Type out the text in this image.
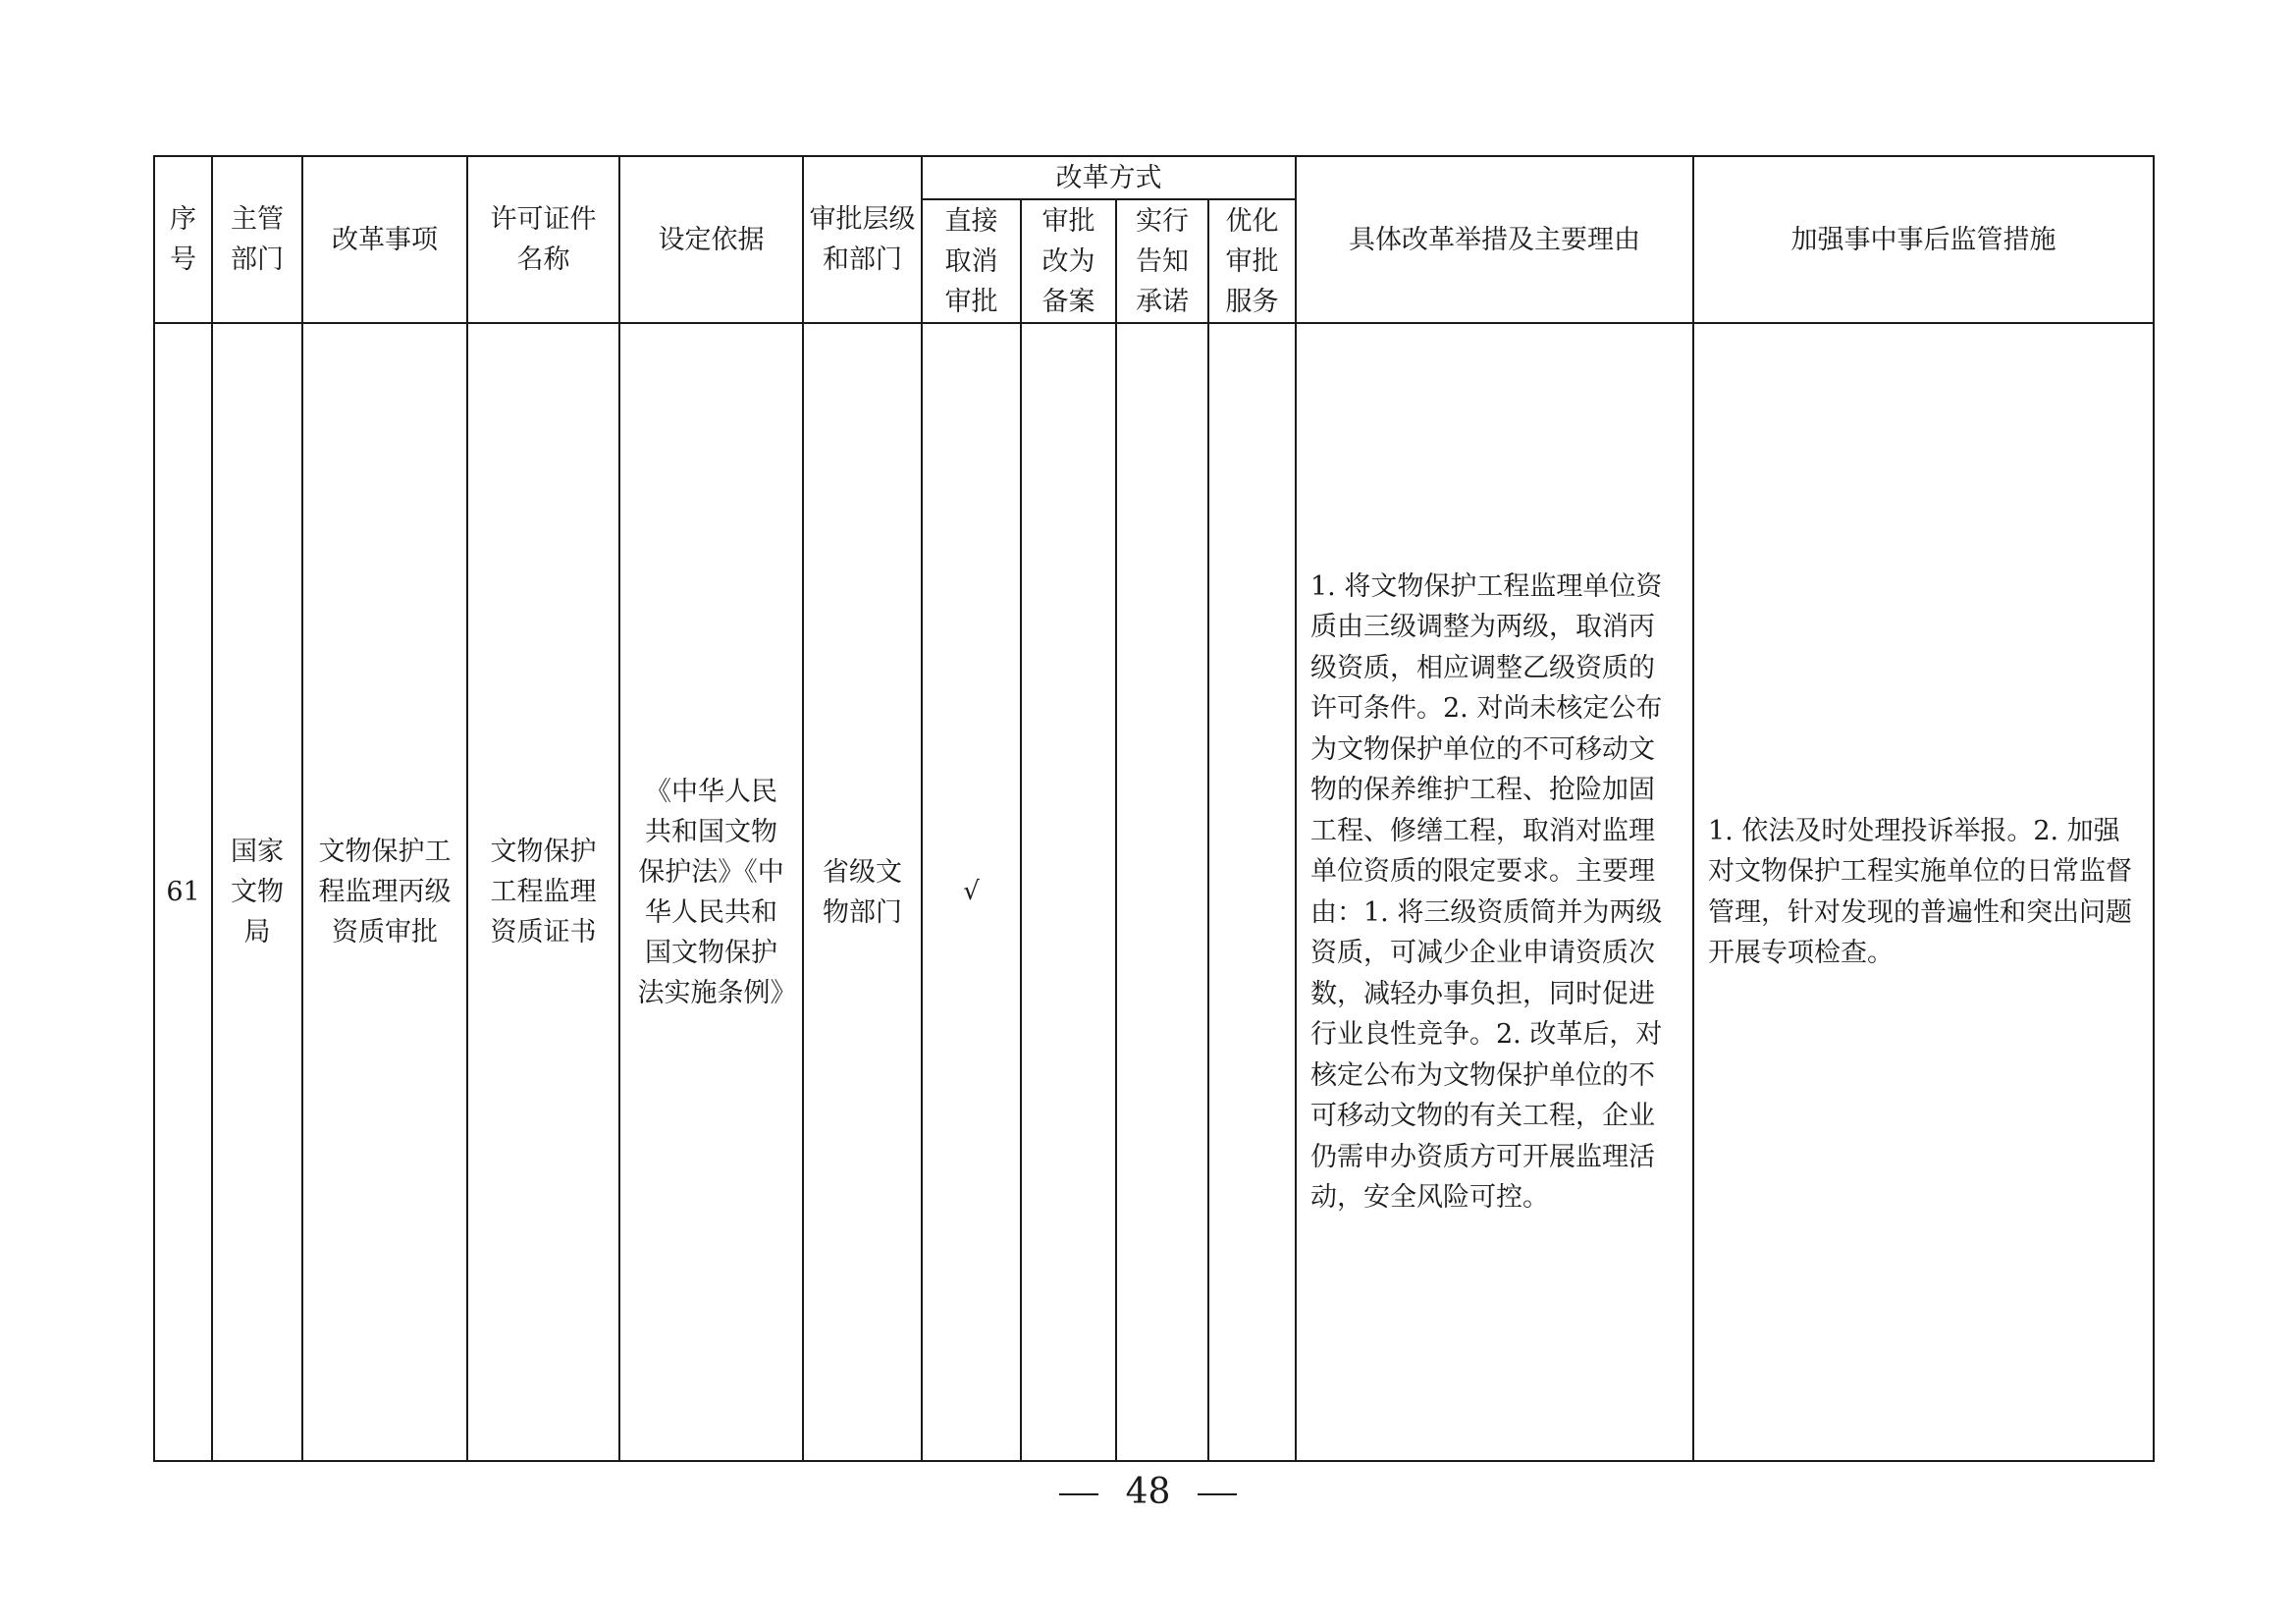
序号	主管部门	改革事项	许可证件名称	设定依据	审批层级和部门	改革方式				具体改革举措及主要理由	加强事中事后监管措施

						直接取消审批	审批改为备案	实行告知承诺	优化审批服务		

61	国家文物局	文物保护工程监理丙级资质审批	文物保护工程监理资质证书	《中华人民共和国文物保护法》《中华人民共和国文物保护法实施条例》	省级文物部门	√				1. 将文物保护工程监理单位资质由三级调整为两级，取消丙级资质，相应调整乙级资质的许可条件。2. 对尚未核定公布为文物保护单位的不可移动文物的保养维护工程、抢险加固工程、修缮工程，取消对监理单位资质的限定要求。主要理由：1. 将三级资质简并为两级资质，可减少企业申请资质次数，减轻办事负担，同时促进行业良性竞争。2. 改革后，对核定公布为文物保护单位的不可移动文物的有关工程，企业仍需申办资质方可开展监理活动，安全风险可控。	1. 依法及时处理投诉举报。2. 加强对文物保护工程实施单位的日常监督管理，针对发现的普遍性和突出问题开展专项检查。
48
